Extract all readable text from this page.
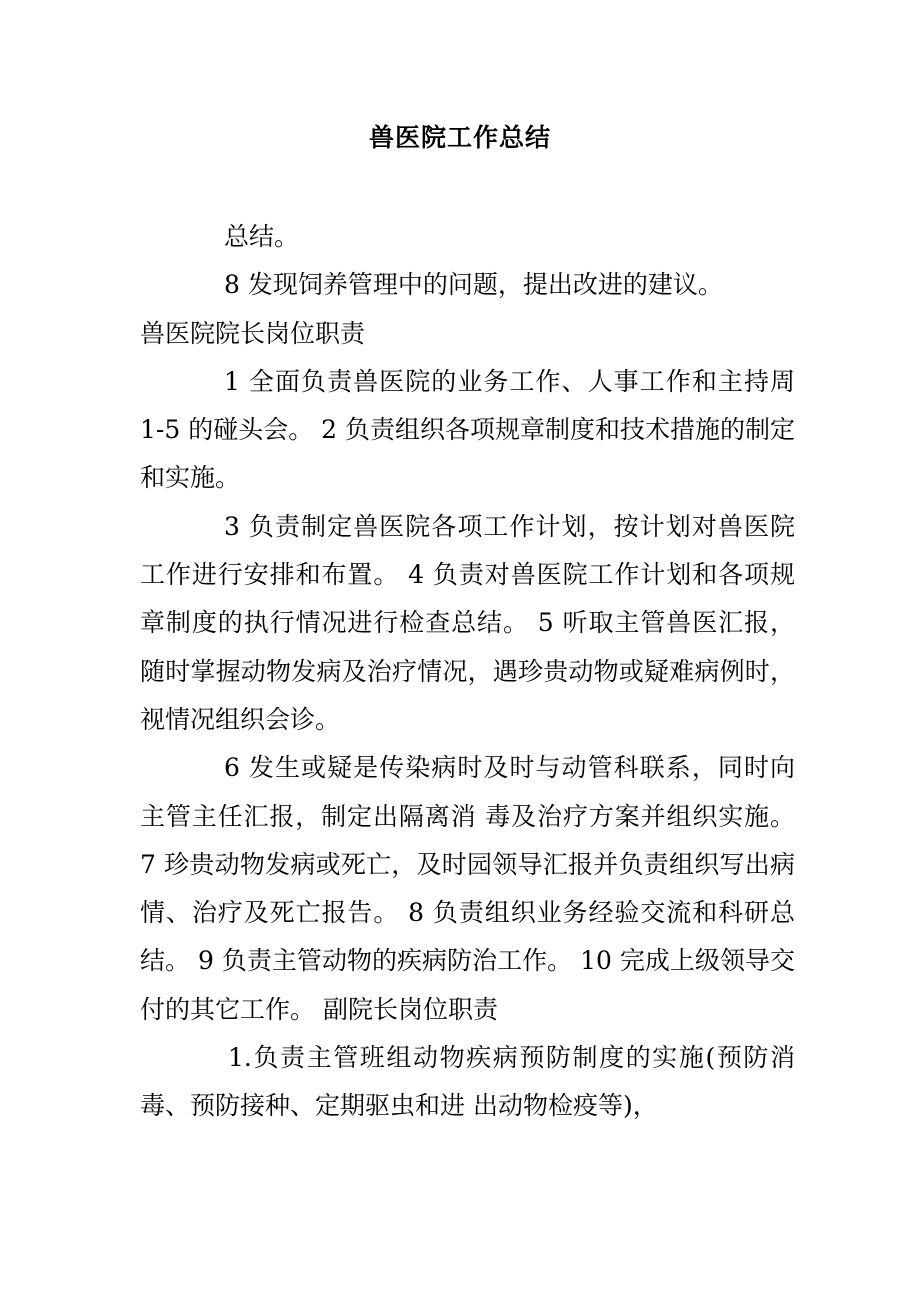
兽医院工作总结

总结。

8 发现饲养管理中的问题，提出改进的建议。

兽医院院长岗位职责

1 全面负责兽医院的业务工作、人事工作和主持周 1-5 的碰头会。 2 负责组织各项规章制度和技术措施的制定和实施。

3 负责制定兽医院各项工作计划，按计划对兽医院工作进行安排和布置。 4 负责对兽医院工作计划和各项规章制度的执行情况进行检查总结。 5 听取主管兽医汇报，随时掌握动物发病及治疗情况，遇珍贵动物或疑难病例时， 视情况组织会诊。

6 发生或疑是传染病时及时与动管科联系，同时向主管主任汇报，制定出隔离消 毒及治疗方案并组织实施。 7 珍贵动物发病或死亡，及时园领导汇报并负责组织写出病情、治疗及死亡报告。 8 负责组织业务经验交流和科研总结。 9 负责主管动物的疾病防治工作。 10 完成上级领导交付的其它工作。 副院长岗位职责

1.负责主管班组动物疾病预防制度的实施(预防消毒、预防接种、定期驱虫和进 出动物检疫等)，
